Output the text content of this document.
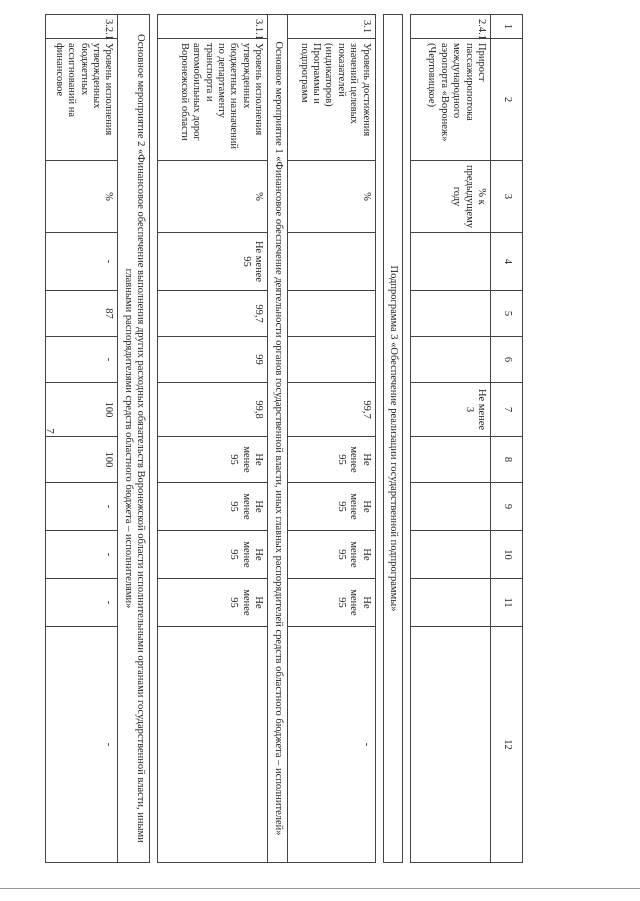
7
1	2	3	4	5	6	7	8	9	10	11	12
2.4.1	Прирост пассажиропотока международного аэропорта «Воронеж» (Чертовицкое)	% к предыдущему году				Не менее 3					

Подпрограмма 3 «Обеспечение реализации государственной подпрограммы»											

3.1	Уровень достижения значений целевых показателей (индикаторов) Программы и подпрограмм	%				99,7	Не менее 95	Не менее 95	Не менее 95	Не менее 95	-
Основное мероприятие 1 «Финансовое обеспечение деятельности органов государственной власти, иных главных распорядителей средств областного бюджета – исполнителей»											
3.1.1	Уровень исполнения утвержденных бюджетных назначений по департаменту транспорта и автомобильных дорог Воронежской области	%	Не менее 95	99,7	99	99,8	Не менее 95	Не менее 95	Не менее 95	Не менее 95	

Основное мероприятие 2 «Финансовое обеспечение выполнения других расходных обязательств Воронежской области исполнительными органами государственной власти, иными главными распорядителями средств областного бюджета – исполнителями»											
3.2.1	Уровень исполнения утвержденных бюджетных ассигнований на финансовое	%	-	87	-	100	100	-	-	-	-
